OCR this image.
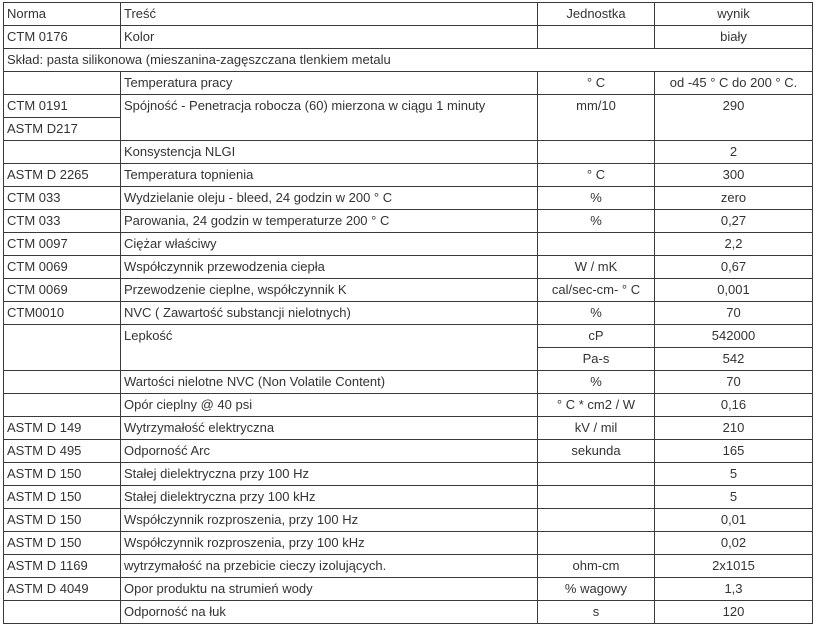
Norma	Treść	Jednostka	wynik
CTM 0176	Kolor		biały
Skład: pasta silikonowa (mieszanina-zagęszczana tlenkiem metalu			
	Temperatura pracy	° C	od -45 ° C do 200 ° C.
CTM 0191	Spójność - Penetracja robocza (60) mierzona w ciągu 1 minuty	mm/10	290
ASTM D217			
	Konsystencja NLGI		2
ASTM D 2265	Temperatura topnienia	° C	300
CTM 033	Wydzielanie oleju - bleed, 24 godzin w 200 ° C	%	zero
CTM 033	Parowania, 24 godzin w temperaturze 200 ° C	%	0,27
CTM 0097	Ciężar właściwy		2,2
CTM 0069	Współczynnik przewodzenia ciepła	W / mK	0,67
CTM 0069	Przewodzenie cieplne, współczynnik K	cal/sec-cm- ° C	0,001
CTM0010	NVC ( Zawartość substancji nielotnych)	%	70
	Lepkość	cP	542000
		Pa-s	542
	Wartości nielotne NVC (Non Volatile Content)	%	70
	Opór cieplny @ 40 psi	° C * cm2 / W	0,16
ASTM D 149	Wytrzymałość elektryczna	kV / mil	210
ASTM D 495	Odporność Arc	sekunda	165
ASTM D 150	Stałej dielektryczna przy 100 Hz		5
ASTM D 150	Stałej dielektryczna przy 100 kHz		5
ASTM D 150	Współczynnik rozproszenia, przy 100 Hz		0,01
ASTM D 150	Współczynnik rozproszenia, przy 100 kHz		0,02
ASTM D 1169	wytrzymałość na przebicie cieczy izolujących.	ohm-cm	2x1015
ASTM D 4049	Opor produktu na strumień wody	% wagowy	1,3
	Odporność na łuk	s	120
